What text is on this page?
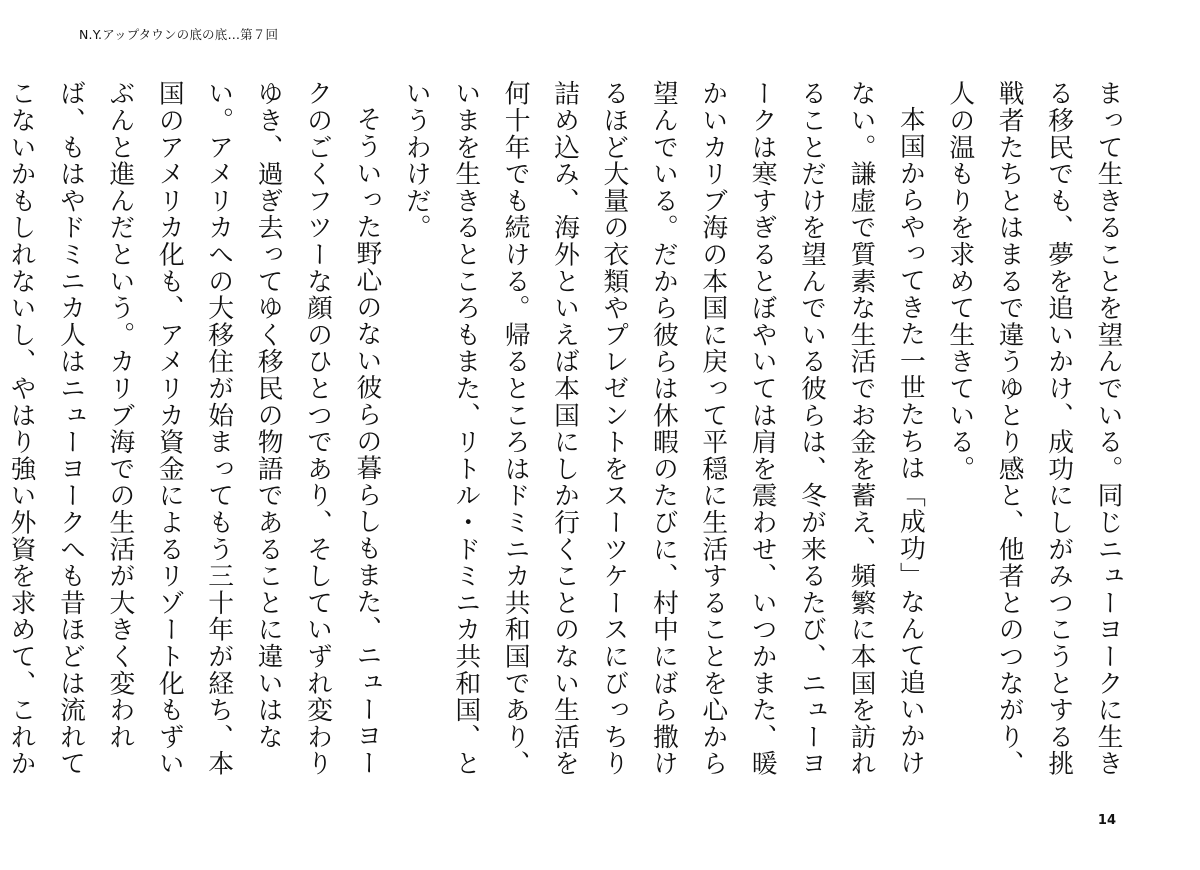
N.Y.アップタウンの底の底…第７回

まって生きることを望んでいる。同じニューヨークに生きる移民でも、夢を追いかけ、成功にしがみつこうとする挑戦者たちとはまるで違うゆとり感と、他者とのつながり、人の温もりを求めて生きている。

本国からやってきた一世たちは「成功」なんて追いかけない。謙虚で質素な生活でお金を蓄え、頻繁に本国を訪れることだけを望んでいる彼らは、冬が来るたび、ニューヨークは寒すぎるとぼやいては肩を震わせ、いつかまた、暖かいカリブ海の本国に戻って平穏に生活することを心から望んでいる。だから彼らは休暇のたびに、村中にばら撒けるほど大量の衣類やプレゼントをスーツケースにびっちり詰め込み、海外といえば本国にしか行くことのない生活を何十年でも続ける。帰るところはドミニカ共和国であり、いまを生きるところもまた、リトル・ドミニカ共和国、というわけだ。

そういった野心のない彼らの暮らしもまた、ニューヨークのごくフツーな顔のひとつであり、そしていずれ変わりゆき、過ぎ去ってゆく移民の物語であることに違いはない。アメリカへの大移住が始まってもう三十年が経ち、本国のアメリカ化も、アメリカ資金によるリゾート化もずいぶんと進んだという。カリブ海での生活が大きく変われば、もはやドミニカ人はニューヨークへも昔ほどは流れてこないかもしれないし、やはり強い外資を求めて、これか

14
